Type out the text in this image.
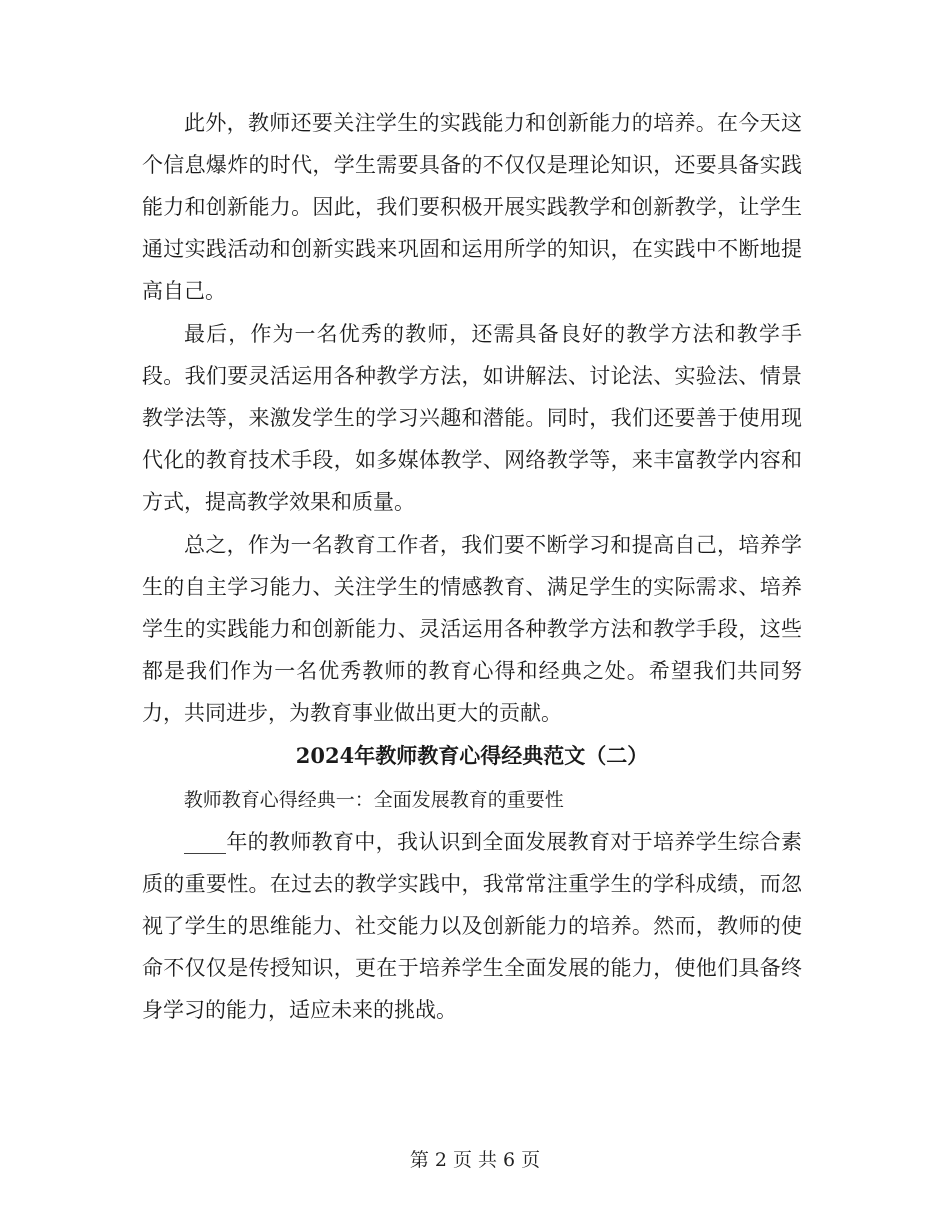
此外，教师还要关注学生的实践能力和创新能力的培养。在今天这个信息爆炸的时代，学生需要具备的不仅仅是理论知识，还要具备实践能力和创新能力。因此，我们要积极开展实践教学和创新教学，让学生通过实践活动和创新实践来巩固和运用所学的知识，在实践中不断地提高自己。

最后，作为一名优秀的教师，还需具备良好的教学方法和教学手段。我们要灵活运用各种教学方法，如讲解法、讨论法、实验法、情景教学法等，来激发学生的学习兴趣和潜能。同时，我们还要善于使用现代化的教育技术手段，如多媒体教学、网络教学等，来丰富教学内容和方式，提高教学效果和质量。

总之，作为一名教育工作者，我们要不断学习和提高自己，培养学生的自主学习能力、关注学生的情感教育、满足学生的实际需求、培养学生的实践能力和创新能力、灵活运用各种教学方法和教学手段，这些都是我们作为一名优秀教师的教育心得和经典之处。希望我们共同努力，共同进步，为教育事业做出更大的贡献。

2024年教师教育心得经典范文（二）

教师教育心得经典一：全面发展教育的重要性

____年的教师教育中，我认识到全面发展教育对于培养学生综合素质的重要性。在过去的教学实践中，我常常注重学生的学科成绩，而忽视了学生的思维能力、社交能力以及创新能力的培养。然而，教师的使命不仅仅是传授知识，更在于培养学生全面发展的能力，使他们具备终身学习的能力，适应未来的挑战。

第 2 页 共 6 页
